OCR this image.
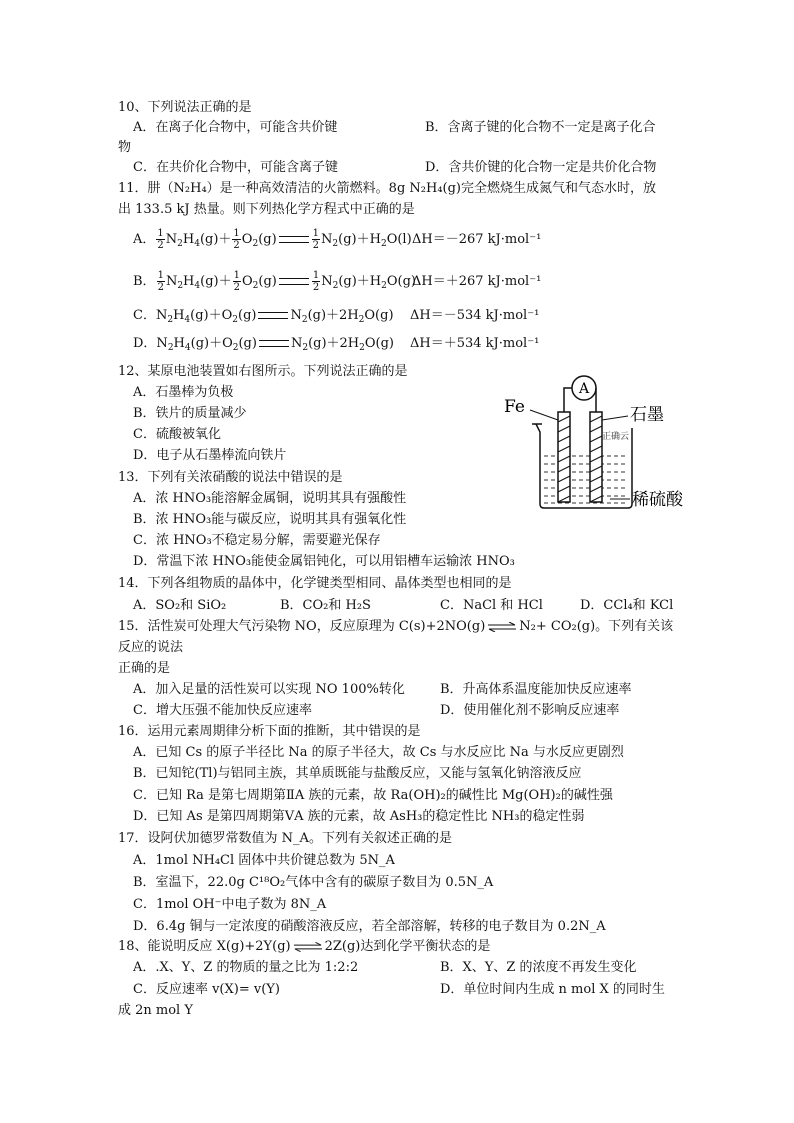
10、下列说法正确的是
A．在离子化合物中，可能含共价键	B．含离子键的化合物不一定是离子化合
物
C．在共价化合物中，可能含离子键	D．含共价键的化合物一定是共价化合物
11．肼（N₂H₄）是一种高效清洁的火箭燃料。8g N₂H₄(g)完全燃烧生成氮气和气态水时，放
出 133.5 kJ 热量。则下列热化学方程式中正确的是
A． $\frac{1}{2} N_2H_4(g)+ \frac{1}{2} O_2(g)$	$\frac{1}{2} N_2(g)+H_2O(l)$ ΔH＝－267 kJ·mol⁻¹
B． $\frac{1}{2} N_2H_4(g)+ \frac{1}{2} O_2(g)$	$\frac{1}{2} N_2(g)+H_2O(g)$
ΔH＝＋267 kJ·mol⁻¹
C．$N_2H_4(g)+O_2(g)$	$N_2(g)+2H_2O(g)$ ΔH＝－534 kJ·mol⁻¹
D．$N_2H_4(g)+O_2(g)$	$N_2(g)+2H_2O(g)$ ΔH＝＋534 kJ·mol⁻¹
12、某原电池装置如右图所示。下列说法正确的是
A．石墨棒为负极
B．铁片的质量减少
C．硫酸被氧化
D．电子从石墨棒流向铁片
A
Fe	石墨
正确云
稀硫酸
13．下列有关浓硝酸的说法中错误的是
A．浓 HNO₃能溶解金属铜，说明其具有强酸性
B．浓 HNO₃能与碳反应，说明其具有强氧化性
C．浓 HNO₃不稳定易分解，需要避光保存
D．常温下浓 HNO₃能使金属铝钝化，可以用铝槽车运输浓 HNO₃
14．下列各组物质的晶体中，化学键类型相同、晶体类型也相同的是
A．SO₂和 SiO₂	B．CO₂和 H₂S	C．NaCl 和 HCl	D．CCl₄和 KCl
15．活性炭可处理大气污染物 NO，反应原理为 C(s)+2NO(g) ⇌ N₂+ CO₂(g)。下列有关该
反应的说法
正确的是
A．加入足量的活性炭可以实现 NO 100%转化	B．升高体系温度能加快反应速率
C．增大压强不能加快反应速率	D．使用催化剂不影响反应速率
16．运用元素周期律分析下面的推断，其中错误的是
A．已知 Cs 的原子半径比 Na 的原子半径大，故 Cs 与水反应比 Na 与水反应更剧烈
B．已知铊(Tl)与铝同主族，其单质既能与盐酸反应，又能与氢氧化钠溶液反应
C．已知 Ra 是第七周期第ⅡA 族的元素，故 Ra(OH)₂的碱性比 Mg(OH)₂的碱性强
D．已知 As 是第四周期第ⅤA 族的元素，故 AsH₃的稳定性比 NH₃的稳定性弱
17．设阿伏加德罗常数值为 N_A。下列有关叙述正确的是
A．1mol NH₄Cl 固体中共价键总数为 5N_A
B．室温下，22.0g C¹⁸O₂气体中含有的碳原子数目为 0.5N_A
C．1mol OH⁻中电子数为 8N_A
D．6.4g 铜与一定浓度的硝酸溶液反应，若全部溶解，转移的电子数目为 0.2N_A
18、能说明反应 X(g)+2Y(g) ⇌ 2Z(g)达到化学平衡状态的是
A．.X、Y、Z 的物质的量之比为 1:2:2	B．X、Y、Z 的浓度不再发生变化
C．反应速率 v(X)= v(Y)	D．单位时间内生成 n mol X 的同时生
成 2n mol Y
